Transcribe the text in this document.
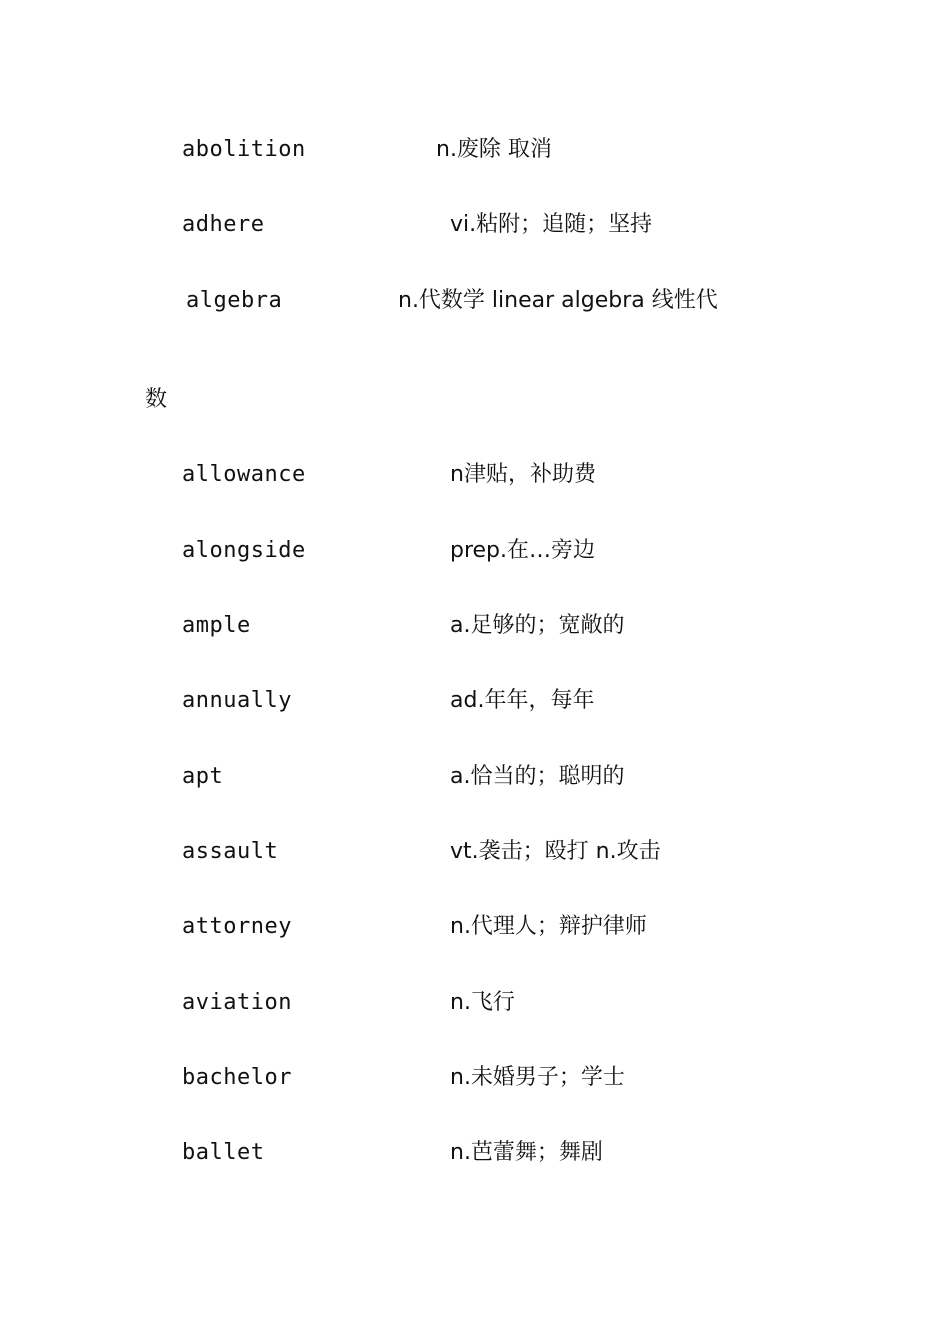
abolition	n.废除 取消
adhere	vi.粘附；追随；坚持
algebra	n.代数学 linear algebra 线性代
数
allowance	n津贴，补助费
alongside	prep.在…旁边
ample	a.足够的；宽敞的
annually	ad.年年，每年
apt	a.恰当的；聪明的
assault	vt.袭击；殴打 n.攻击
attorney	n.代理人；辩护律师
aviation	n.飞行
bachelor	n.未婚男子；学士
ballet	n.芭蕾舞；舞剧
